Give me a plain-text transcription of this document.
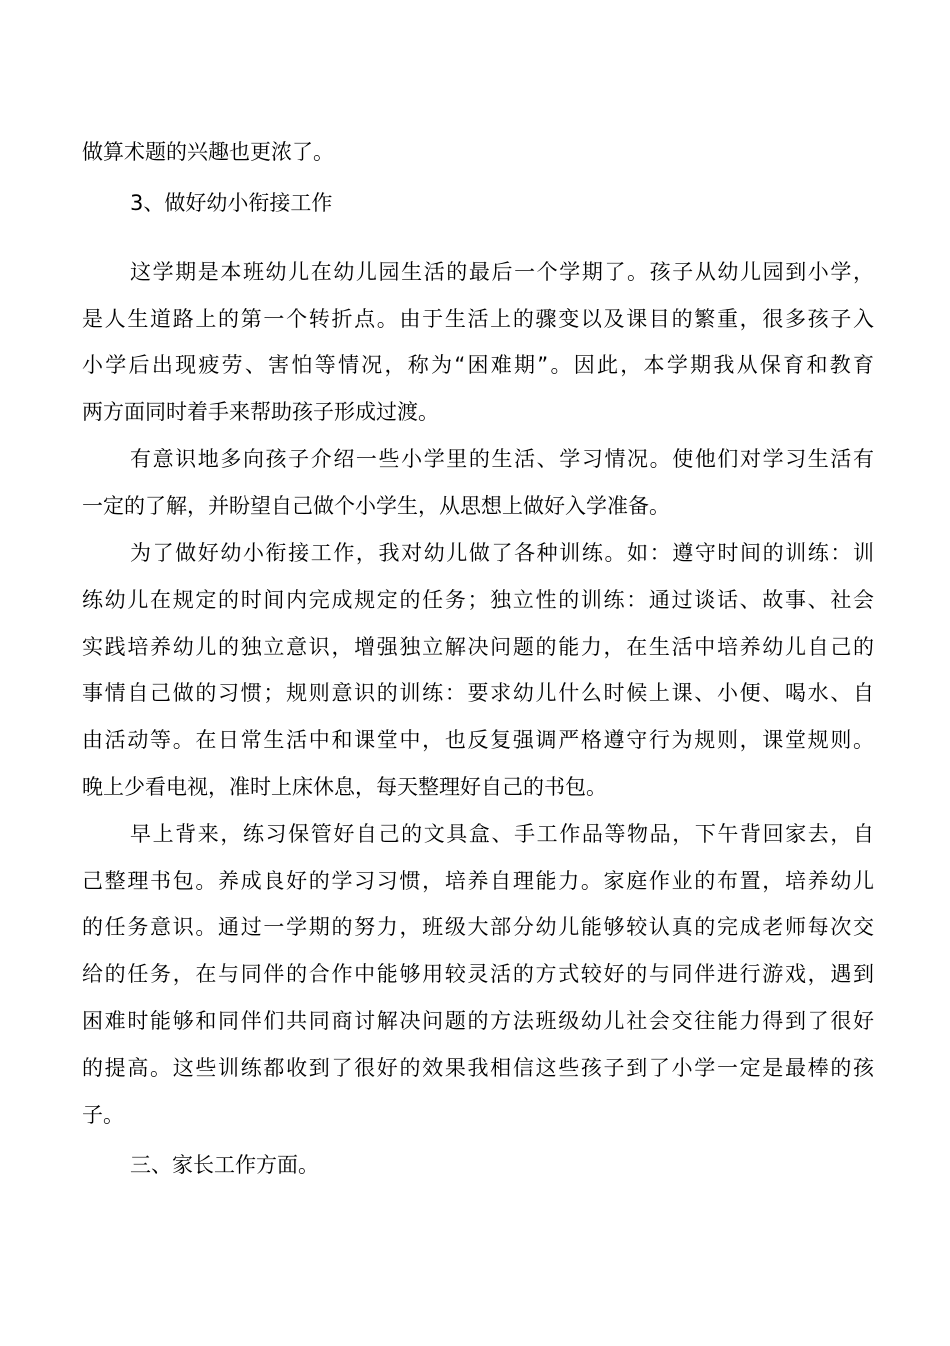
做算术题的兴趣也更浓了。
3、做好幼小衔接工作
这学期是本班幼儿在幼儿园生活的最后一个学期了。孩子从幼儿园到小学，
是人生道路上的第一个转折点。由于生活上的骤变以及课目的繁重，很多孩子入
小学后出现疲劳、害怕等情况，称为“困难期”。因此，本学期我从保育和教育
两方面同时着手来帮助孩子形成过渡。
有意识地多向孩子介绍一些小学里的生活、学习情况。使他们对学习生活有
一定的了解，并盼望自己做个小学生，从思想上做好入学准备。
为了做好幼小衔接工作，我对幼儿做了各种训练。如：遵守时间的训练：训
练幼儿在规定的时间内完成规定的任务；独立性的训练：通过谈话、故事、社会
实践培养幼儿的独立意识，增强独立解决问题的能力，在生活中培养幼儿自己的
事情自己做的习惯；规则意识的训练：要求幼儿什么时候上课、小便、喝水、自
由活动等。在日常生活中和课堂中，也反复强调严格遵守行为规则，课堂规则。
晚上少看电视，准时上床休息，每天整理好自己的书包。
早上背来，练习保管好自己的文具盒、手工作品等物品，下午背回家去，自
己整理书包。养成良好的学习习惯，培养自理能力。家庭作业的布置，培养幼儿
的任务意识。通过一学期的努力，班级大部分幼儿能够较认真的完成老师每次交
给的任务，在与同伴的合作中能够用较灵活的方式较好的与同伴进行游戏，遇到
困难时能够和同伴们共同商讨解决问题的方法班级幼儿社会交往能力得到了很好
的提高。这些训练都收到了很好的效果我相信这些孩子到了小学一定是最棒的孩
子。
三、家长工作方面。
